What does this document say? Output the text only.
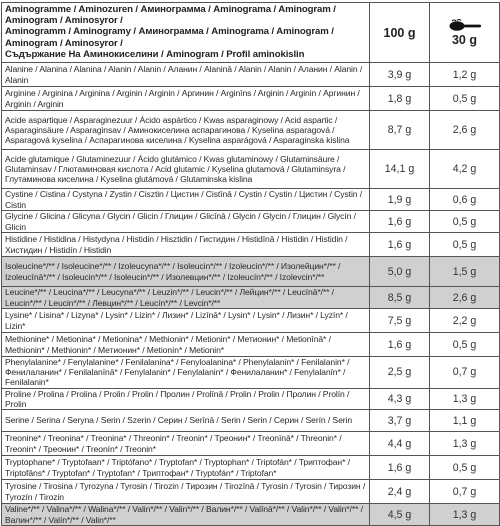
Aminogramme / Aminozuren / Аминограмма / Aminograma / Aminogram / Aminogram / Aminosyror /
Aminogramm / Aminogramy / Аминограмма / Aminograma / Aminogram / Aminogram / Aminosyror /
Съдържание На Аминокиселини / Aminogram / Profil aminokislin	100 g	30 g
Alanine / Alanina / Alanina / Alanin / Alanin / Аланин / Alaninā / Alanin / Alanin / Аланин / Alanin / Alanin	3,9 g	1,2 g
Arginine / Arginina / Arginina / Arginin / Arginin / Аргинин / Arginīns / Arginin / Arginin / Аргинин / Arginin / Arginin	1,8 g	0,5 g
Acide aspartique / Asparaginezuur / Ácido aspártico / Kwas asparaginowy / Acid aspartic / Asparaginsäure / Asparaginsav / Аминокиселина аспарагинова / Kyselina asparagová / Asparagová kyselina / Аспарагинова киселина / Kyselina asparágová / Asparaginska kislina	8,7 g	2,6 g
Acide glutamique / Glutaminezuur / Ácido glutámico / Kwas glutaminowy / Glutaminsäure / Glutaminsav / Глютаминовая кислота / Acid glutamic / Kyselina glutamová / Glutaminsyra / Глутаминова киселина / Kyselina glutámová / Glutaminska kislina	14,1 g	4,2 g
Cystine / Cistina / Cystyna / Zystin / Cisztin / Цистин / Cistīnā / Cystin / Cystin / Цистин / Cystin / Cistin	1,9 g	0,6 g
Glycine / Glicina / Glicyna / Glycin / Glicin / Глицин / Glicīnā / Glycin / Glycin / Глицин / Glycín / Glicin	1,6 g	0,5 g
Histidine / Histidina / Histydyna / Histidin / Hisztidin / Гистидин / Histidīnā / Histidin / Histidin / Хистидин / Histidín / Histidin	1,6 g	0,5 g
Isoleucine*/** / Isoleucine*/** / Izoleucyna*/** / Isoleucin*/** / Izoleucin*/** / Изолейцин*/** / Izoleucīnā*/** / Isoleucin*/** / Isoleucin*/** / Изолевцин*/** / Izoleucín*/** / Izolevcin*/**	5,0 g	1,5 g
Leucine*/** / Leucina*/** / Leucyna*/** / Leuzin*/** / Leucin*/** / Лейцин*/** / Leucīnā*/** / Leucin*/** / Leucin*/** / Левцин*/** / Leucín*/** / Levcin*/**	8,5 g	2,6 g
Lysine* / Lisina* / Lizyna* / Lysin* / Lizin* / Лизин* / Lizīnā* / Lysin* / Lysin* / Лизин* / Lyzín* / Lizin*	7,5 g	2,2 g
Methionine* / Metionina* / Metionina* / Methionin* / Metionin* / Метионин* / Metionīnā* / Methionin* / Methionin* / Метионин* / Metionín* / Metionin*	1,6 g	0,5 g
Phenylalanine* / Fenylalanine* / Fenilalanina* / Fenyloalanina* / Phenylalanin* / Fenilalanin* / Фенилаланин* / Fenilalanīnā* / Fenylalanin* / Fenylalanin* / Фенилаланин* / Fenylalanín* / Fenilalanin*	2,5 g	0,7 g
Proline / Prolina / Prolina / Prolin / Prolin / Пролин / Prolīnā / Prolin / Prolin / Пролин / Prolín / Prolin	4,3 g	1,3 g
Serine / Serina / Seryna / Serin / Szerin / Серин / Serīnā / Serin / Serin / Серин / Serín / Serin	3,7 g	1,1 g
Treonine* / Treonina* / Treonina* / Threonin* / Treonin* / Треонин* / Treonīnā* / Threonin* / Treonin* / Треонин* / Treonín* / Treonin*	4,4 g	1,3 g
Tryptophane* / Tryptofaan* / Triptófano* / Tryptofan* / Tryptophan* / Triptofán* / Триптофан* / Triptofāns* / Tryptofan* / Tryptofan* / Триптофан* / Tryptofán* / Triptofan*	1,6 g	0,5 g
Tyrosine / Tirosina / Tyrozyna / Tyrosin / Tirozin / Тирозин / Tirozīnā / Tyrosin / Tyrosin / Тирозин / Tyrozín / Tirozin	2,4 g	0,7 g
Valine*/** / Valina*/** / Walina*/** / Valin*/** / Valin*/** / Валин*/** / Valīnā*/** / Valin*/** / Valin*/** / Валин*/** / Valín*/** / Valin*/**	4,5 g	1,3 g
